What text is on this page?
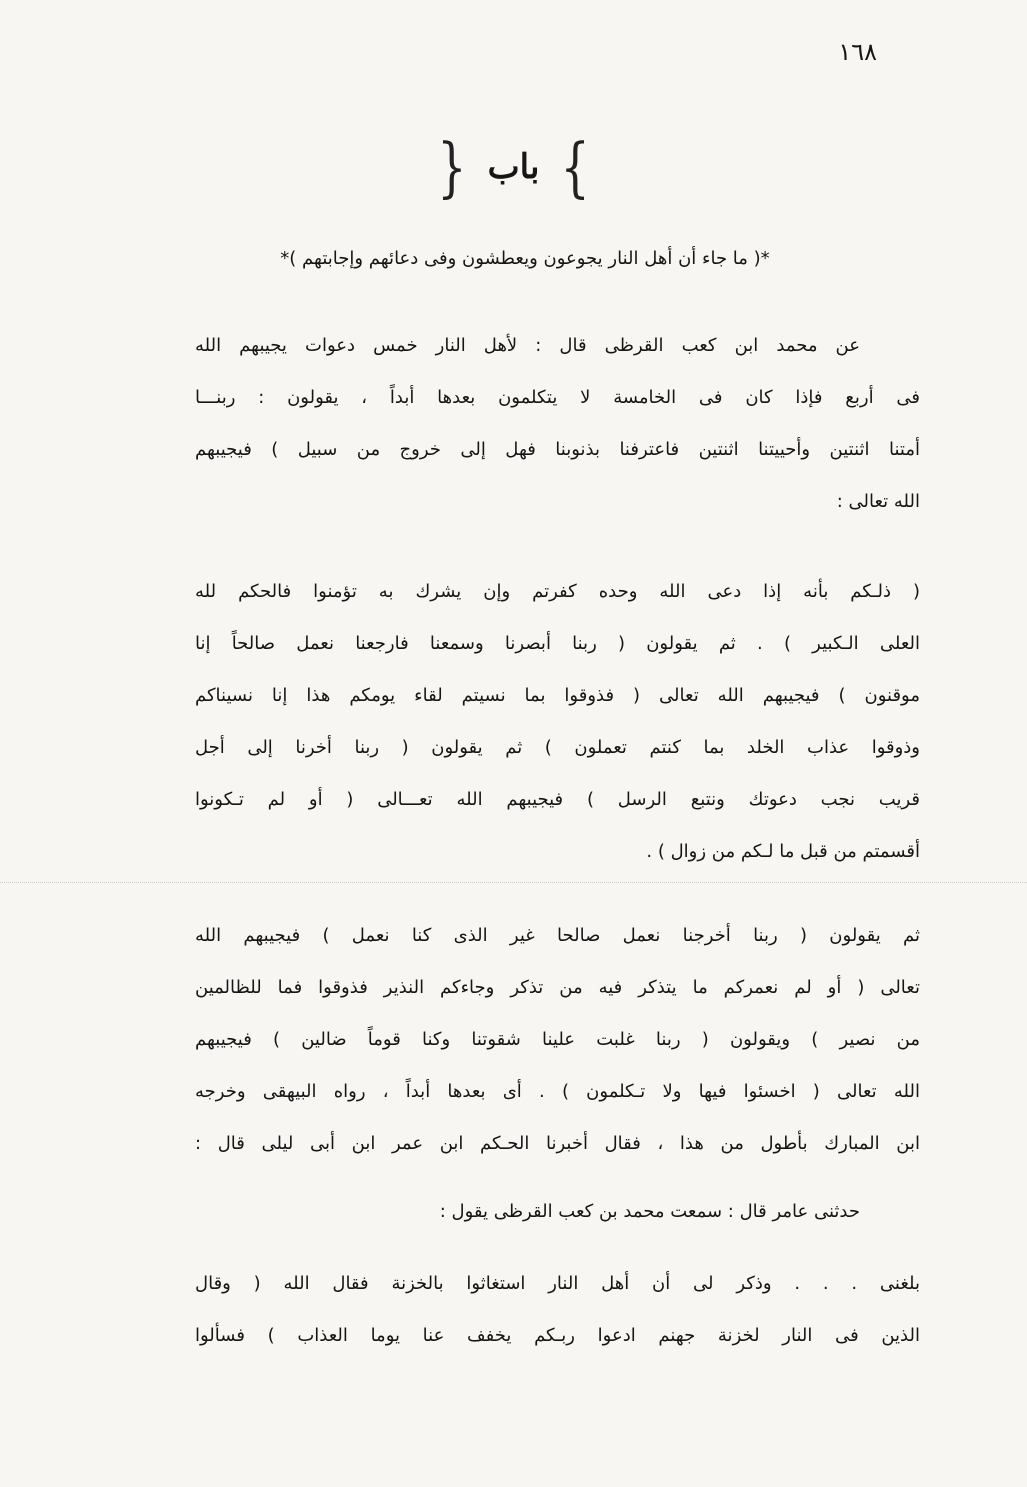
١٦٨
} باب {
*( ما جاء أن أهل النار يجوعون ويعطشون وفى دعائهم وإجابتهم )*
عن محمد ابن كعب القرظى قال : لأهل النار خمس دعوات يجيبهم الله
فى أربع فإذا كان فى الخامسة لا يتكلمون بعدها أبداً ، يقولون : ربنـــا
أمتنا اثنتين وأحييتنا اثنتين فاعترفنا بذنوبنا فهل إلى خروج من سبيل ) فيجيبهم
الله تعالى :
( ذلـكم بأنه إذا دعى الله وحده كفرتم وإن يشرك به تؤمنوا فالحكم لله
العلى الـكبير ) . ثم يقولون ( ربنا أبصرنا وسمعنا فارجعنا نعمل صالحاً إنا
موقنون ) فيجيبهم الله تعالى ( فذوقوا بما نسيتم لقاء يومكم هذا إنا نسيناكم
وذوقوا عذاب الخلد بما كنتم تعملون ) ثم يقولون ( ربنا أخرنا إلى أجل
قريب نجب دعوتك ونتبع الرسل ) فيجيبهم الله تعـــالى ( أو لم تـكونوا
أقسمتم من قبل ما لـكم من زوال ) .
ثم يقولون ( ربنا أخرجنا نعمل صالحا غير الذى كنا نعمل ) فيجيبهم الله
تعالى ( أو لم نعمركم ما يتذكر فيه من تذكر وجاءكم النذير فذوقوا فما للظالمين
من نصير ) ويقولون ( ربنا غلبت علينا شقوتنا وكنا قوماً ضالين ) فيجيبهم
الله تعالى ( اخسئوا فيها ولا تـكلمون ) . أى بعدها أبداً ، رواه البيهقى وخرجه
ابن المبارك بأطول من هذا ، فقال أخبرنا الحـكم ابن عمر ابن أبى ليلى قال :
حدثنى عامر قال : سمعت محمد بن كعب القرظى يقول :
بلغنى . . . وذكر لى أن أهل النار استغاثوا بالخزنة فقال الله ( وقال
الذين فى النار لخزنة جهنم ادعوا ربـكم يخفف عنا يوما العذاب ) فسألوا
